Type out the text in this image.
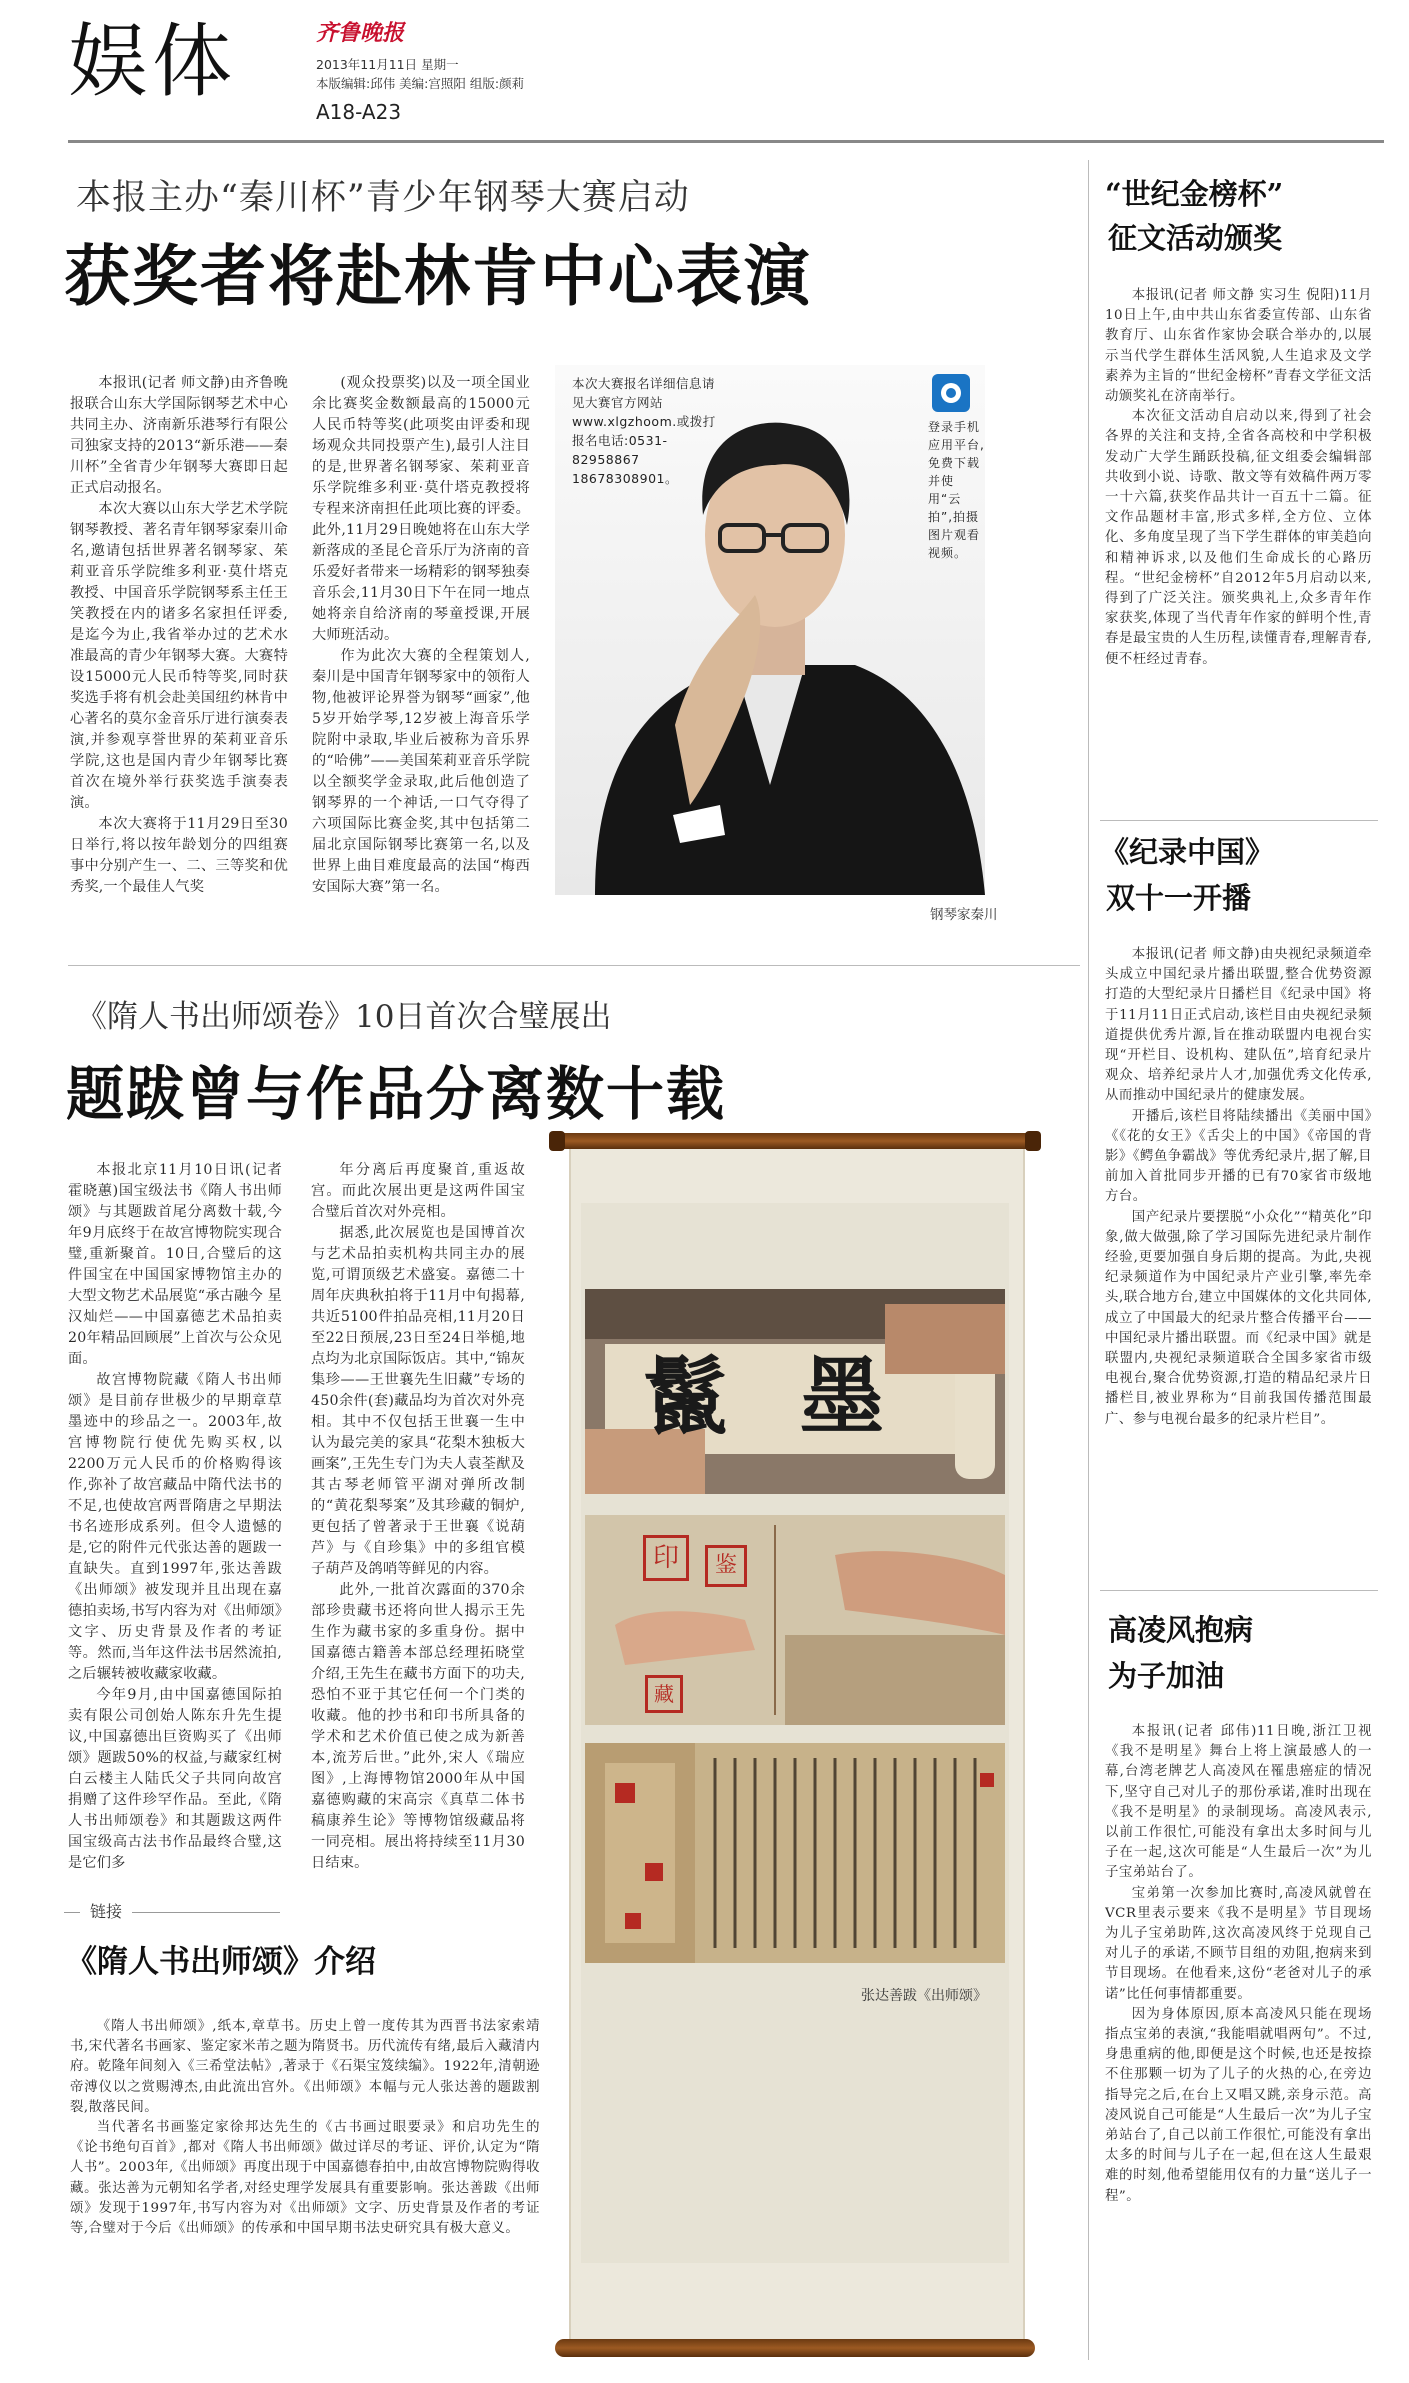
娱体	齐鲁晚报
2013年11月11日 星期一
本版编辑:邱伟 美编:宫照阳 组版:颜莉
A18-A23
本报主办“秦川杯”青少年钢琴大赛启动
获奖者将赴林肯中心表演

本报讯(记者 师文静)由齐鲁晚报联合山东大学国际钢琴艺术中心共同主办、济南新乐港琴行有限公司独家支持的2013“新乐港——秦川杯”全省青少年钢琴大赛即日起正式启动报名。

本次大赛以山东大学艺术学院钢琴教授、著名青年钢琴家秦川命名,邀请包括世界著名钢琴家、茱莉亚音乐学院维多利亚·莫什塔克教授、中国音乐学院钢琴系主任王笑教授在内的诸多名家担任评委,是迄今为止,我省举办过的艺术水准最高的青少年钢琴大赛。大赛特设15000元人民币特等奖,同时获奖选手将有机会赴美国纽约林肯中心著名的莫尔金音乐厅进行演奏表演,并参观享誉世界的茱莉亚音乐学院,这也是国内青少年钢琴比赛首次在境外举行获奖选手演奏表演。

本次大赛将于11月29日至30日举行,将以按年龄划分的四组赛事中分别产生一、二、三等奖和优秀奖,一个最佳人气奖

(观众投票奖)以及一项全国业余比赛奖金数额最高的15000元人民币特等奖(此项奖由评委和现场观众共同投票产生),最引人注目的是,世界著名钢琴家、茱莉亚音乐学院维多利亚·莫什塔克教授将专程来济南担任此项比赛的评委。此外,11月29日晚她将在山东大学新落成的圣昆仑音乐厅为济南的音乐爱好者带来一场精彩的钢琴独奏音乐会,11月30日下午在同一地点她将亲自给济南的琴童授课,开展大师班活动。

作为此次大赛的全程策划人,秦川是中国青年钢琴家中的领衔人物,他被评论界誉为钢琴“画家”,他5岁开始学琴,12岁被上海音乐学院附中录取,毕业后被称为音乐界的“哈佛”——美国茱莉亚音乐学院以全额奖学金录取,此后他创造了钢琴界的一个神话,一口气夺得了六项国际比赛金奖,其中包括第二届北京国际钢琴比赛第一名,以及世界上曲目难度最高的法国“梅西安国际大赛”第一名。

本次大赛报名详细信息请见大赛官方网站www.xlgzhoom.或拨打报名电话:0531-82958867 18678308901。
登录手机应用平台,免费下载并使用“云拍”,拍摄图片观看视频。
钢琴家秦川
“世纪金榜杯”
征文活动颁奖

本报讯(记者 师文静 实习生 倪阳)11月10日上午,由中共山东省委宣传部、山东省教育厅、山东省作家协会联合举办的,以展示当代学生群体生活风貌,人生追求及文学素养为主旨的“世纪金榜杯”青春文学征文活动颁奖礼在济南举行。

本次征文活动自启动以来,得到了社会各界的关注和支持,全省各高校和中学积极发动广大学生踊跃投稿,征文组委会编辑部共收到小说、诗歌、散文等有效稿件两万零一十六篇,获奖作品共计一百五十二篇。征文作品题材丰富,形式多样,全方位、立体化、多角度呈现了当下学生群体的审美趋向和精神诉求,以及他们生命成长的心路历程。“世纪金榜杯”自2012年5月启动以来,得到了广泛关注。颁奖典礼上,众多青年作家获奖,体现了当代青年作家的鲜明个性,青春是最宝贵的人生历程,读懂青春,理解青春,便不枉经过青春。

《纪录中国》
双十一开播

本报讯(记者 师文静)由央视纪录频道牵头成立中国纪录片播出联盟,整合优势资源打造的大型纪录片日播栏目《纪录中国》将于11月11日正式启动,该栏目由央视纪录频道提供优秀片源,旨在推动联盟内电视台实现“开栏目、设机构、建队伍”,培育纪录片观众、培养纪录片人才,加强优秀文化传承,从而推动中国纪录片的健康发展。

开播后,该栏目将陆续播出《美丽中国》《《花的女王》《舌尖上的中国》《帝国的背影》《鳄鱼争霸战》等优秀纪录片,据了解,目前加入首批同步开播的已有70家省市级地方台。

国产纪录片要摆脱“小众化”“精英化”印象,做大做强,除了学习国际先进纪录片制作经验,更要加强自身后期的提高。为此,央视纪录频道作为中国纪录片产业引擎,率先牵头,联合地方台,建立中国媒体的文化共同体,成立了中国最大的纪录片整合传播平台——中国纪录片播出联盟。而《纪录中国》就是联盟内,央视纪录频道联合全国多家省市级电视台,聚合优势资源,打造的精品纪录片日播栏目,被业界称为“目前我国传播范围最广、参与电视台最多的纪录片栏目”。

高凌风抱病
为子加油

本报讯(记者 邱伟)11日晚,浙江卫视《我不是明星》舞台上将上演最感人的一幕,台湾老牌艺人高凌风在罹患癌症的情况下,坚守自己对儿子的那份承诺,准时出现在《我不是明星》的录制现场。高凌风表示,以前工作很忙,可能没有拿出太多时间与儿子在一起,这次可能是“人生最后一次”为儿子宝弟站台了。

宝弟第一次参加比赛时,高凌风就曾在VCR里表示要来《我不是明星》节目现场为儿子宝弟助阵,这次高凌风终于兑现自己对儿子的承诺,不顾节目组的劝阻,抱病来到节目现场。在他看来,这份“老爸对儿子的承诺”比任何事情都重要。

因为身体原因,原本高凌风只能在现场指点宝弟的表演,“我能唱就唱两句”。不过,身患重病的他,即便是这个时候,也还是按捺不住那颗一切为了儿子的火热的心,在旁边指导完之后,在台上又唱又跳,亲身示范。高凌风说自己可能是“人生最后一次”为儿子宝弟站台了,自己以前工作很忙,可能没有拿出太多的时间与儿子在一起,但在这人生最艰难的时刻,他希望能用仅有的力量“送儿子一程”。

《隋人书出师颂卷》10日首次合璧展出
题跋曾与作品分离数十载

本报北京11月10日讯(记者 霍晓蕙)国宝级法书《隋人书出师颂》与其题跋首尾分离数十载,今年9月底终于在故宫博物院实现合璧,重新聚首。10日,合璧后的这件国宝在中国国家博物馆主办的大型文物艺术品展览“承古融今 星汉灿烂——中国嘉德艺术品拍卖20年精品回顾展”上首次与公众见面。

故宫博物院藏《隋人书出师颂》是目前存世极少的早期章草墨迹中的珍品之一。2003年,故宫博物院行使优先购买权,以2200万元人民币的价格购得该作,弥补了故宫藏品中隋代法书的不足,也使故宫两晋隋唐之早期法书名迹形成系列。但令人遗憾的是,它的附件元代张达善的题跋一直缺失。直到1997年,张达善跋《出师颂》被发现并且出现在嘉德拍卖场,书写内容为对《出师颂》文字、历史背景及作者的考证等。然而,当年这件法书居然流拍,之后辗转被收藏家收藏。

今年9月,由中国嘉德国际拍卖有限公司创始人陈东升先生提议,中国嘉德出巨资购买了《出师颂》题跋50%的权益,与藏家红树白云楼主人陆氏父子共同向故宫捐赠了这件珍罕作品。至此,《隋人书出师颂卷》和其题跋这两件国宝级高古法书作品最终合璧,这是它们多

年分离后再度聚首,重返故宫。而此次展出更是这两件国宝合璧后首次对外亮相。

据悉,此次展览也是国博首次与艺术品拍卖机构共同主办的展览,可谓顶级艺术盛宴。嘉德二十周年庆典秋拍将于11月中旬揭幕,共近5100件拍品亮相,11月20日至22日预展,23日至24日举槌,地点均为北京国际饭店。其中,“锦灰集珍——王世襄先生旧藏”专场的450余件(套)藏品均为首次对外亮相。其中不仅包括王世襄一生中认为最完美的家具“花梨木独板大画案”,王先生专门为夫人袁荃猷及其古琴老师管平湖对弹所改制的“黄花梨琴案”及其珍藏的铜炉,更包括了曾著录于王世襄《说葫芦》与《自珍集》中的多组官模子葫芦及鸽哨等鲜见的内容。

此外,一批首次露面的370余部珍贵藏书还将向世人揭示王先生作为藏书家的多重身份。据中国嘉德古籍善本部总经理拓晓堂介绍,王先生在藏书方面下的功夫,恐怕不亚于其它任何一个门类的收藏。他的抄书和印书所具备的学术和艺术价值已使之成为新善本,流芳后世。”此外,宋人《瑞应图》,上海博物馆2000年从中国嘉德购藏的宋高宗《真草二体书稿康养生论》等博物馆级藏品将一同亮相。展出将持续至11月30日结束。

鬣 墨
印	鉴
藏
张达善跋《出师颂》
链接
《隋人书出师颂》介绍

《隋人书出师颂》,纸本,章草书。历史上曾一度传其为西晋书法家索靖书,宋代著名书画家、鉴定家米芾之题为隋贤书。历代流传有绪,最后入藏清内府。乾隆年间刻入《三希堂法帖》,著录于《石渠宝笈续编》。1922年,清朝逊帝溥仪以之赏赐溥杰,由此流出宫外。《出师颂》本幅与元人张达善的题跋割裂,散落民间。

当代著名书画鉴定家徐邦达先生的《古书画过眼要录》和启功先生的《论书绝句百首》,都对《隋人书出师颂》做过详尽的考证、评价,认定为“隋人书”。2003年,《出师颂》再度出现于中国嘉德春拍中,由故宫博物院购得收藏。张达善为元朝知名学者,对经史理学发展具有重要影响。张达善跋《出师颂》发现于1997年,书写内容为对《出师颂》文字、历史背景及作者的考证等,合璧对于今后《出师颂》的传承和中国早期书法史研究具有极大意义。
